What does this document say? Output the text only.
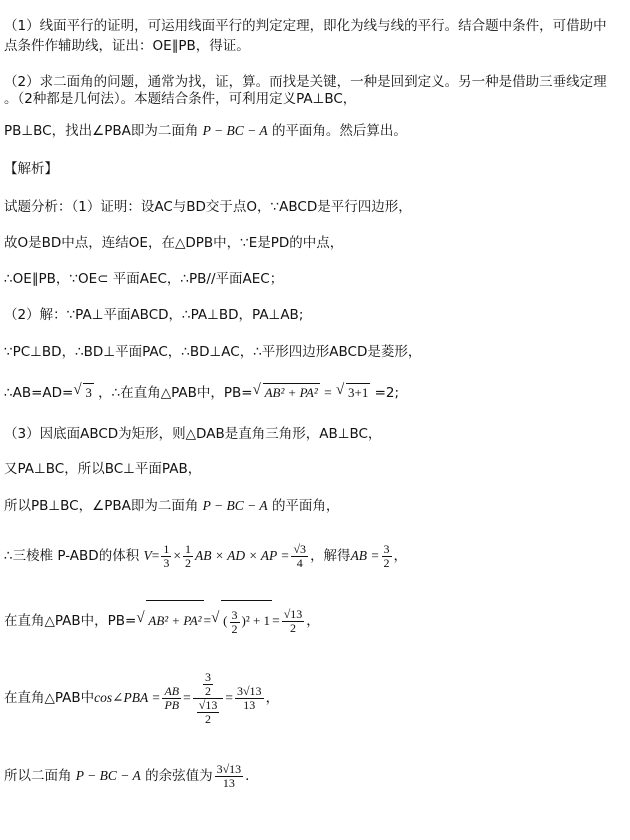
（1）线面平行的证明，可运用线面平行的判定定理，即化为线与线的平行。结合题中条件，可借助中
点条件作辅助线，证出：OE∥PB，得证。
（2）求二面角的问题，通常为找，证，算。而找是关键，一种是回到定义。另一种是借助三垂线定理
。（2种都是几何法）。本题结合条件，可利用定义PA⊥BC，
PB⊥BC，找出∠PBA即为二面角 P − BC − A 的平面角。然后算出。
【解析】
试题分析：（1）证明：设AC与BD交于点O，∵ABCD是平行四边形，
故O是BD中点，连结OE，在△DPB中，∵E是PD的中点，
∴OE∥PB，∵OE⊂ 平面AEC，∴PB//平面AEC；
（2）解：∵PA⊥平面ABCD，∴PA⊥BD，PA⊥AB;
∵PC⊥BD，∴BD⊥平面PAC，∴BD⊥AC，∴平形四边形ABCD是菱形，
∴AB=AD= √ 3 ，∴在直角△PAB中，PB= √ AB² + PA² = √ 3+1 =2;
（3）因底面ABCD为矩形，则△DAB是直角三角形，AB⊥BC，
又PA⊥BC，所以BC⊥平面PAB，
所以PB⊥BC，∠PBA即为二面角 P − BC − A 的平面角，
∴三棱椎 P-ABD的体积 $V= \frac{1}{3} \times \frac{1}{2}$ AB × AD × AP = $\frac{√3}{4}$ ，解得AB = $\frac{3}{2}$ ，
在直角△PAB中，PB= √ AB² + PA² = √ ( $\frac{3}{2} )^2 + 1 = \frac{√13}{2}$ ，
在直角△PAB中cos∠PBA = $\frac{AB}{PB} = \frac{\frac{3}{2}}{\frac{√13}{2}} = \frac{3√13}{13}$ ，
所以二面角 P − BC − A 的余弦值为 $\frac{3√13}{13}$ .
